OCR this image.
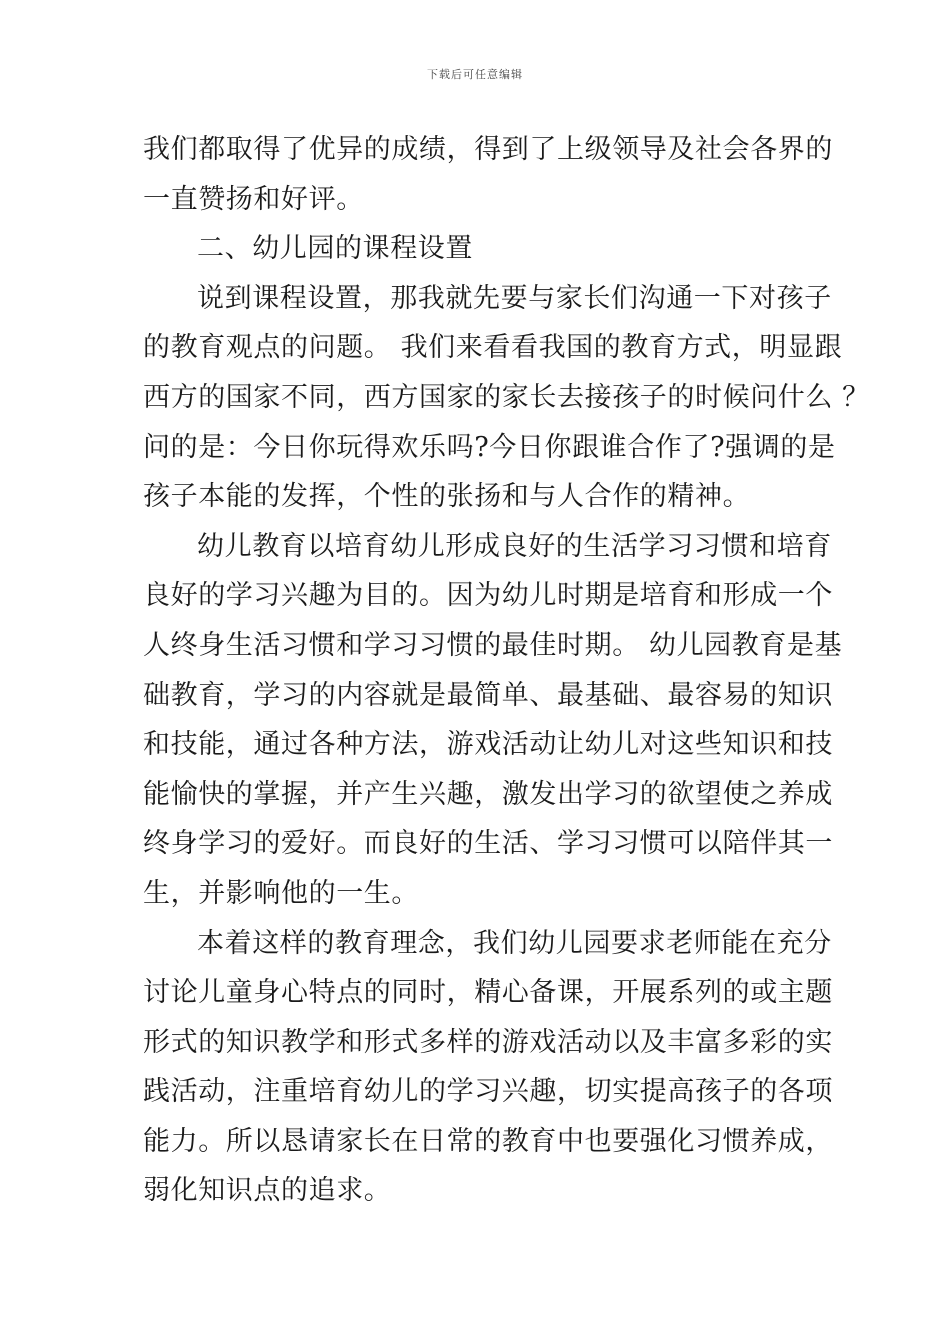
下载后可任意编辑
我们都取得了优异的成绩，得到了上级领导及社会各界的
一直赞扬和好评。
二、幼儿园的课程设置
说到课程设置，那我就先要与家长们沟通一下对孩子
的教育观点的问题。 我们来看看我国的教育方式，明显跟
西方的国家不同，西方国家的家长去接孩子的时候问什么 ？
问的是：今日你玩得欢乐吗?今日你跟谁合作了?强调的是
孩子本能的发挥，个性的张扬和与人合作的精神。
幼儿教育以培育幼儿形成良好的生活学习习惯和培育
良好的学习兴趣为目的。因为幼儿时期是培育和形成一个
人终身生活习惯和学习习惯的最佳时期。 幼儿园教育是基
础教育，学习的内容就是最简单、最基础、最容易的知识
和技能，通过各种方法，游戏活动让幼儿对这些知识和技
能愉快的掌握，并产生兴趣，激发出学习的欲望使之养成
终身学习的爱好。而良好的生活、学习习惯可以陪伴其一
生，并影响他的一生。
本着这样的教育理念，我们幼儿园要求老师能在充分
讨论儿童身心特点的同时，精心备课，开展系列的或主题
形式的知识教学和形式多样的游戏活动以及丰富多彩的实
践活动，注重培育幼儿的学习兴趣，切实提高孩子的各项
能力。所以恳请家长在日常的教育中也要强化习惯养成，
弱化知识点的追求。
